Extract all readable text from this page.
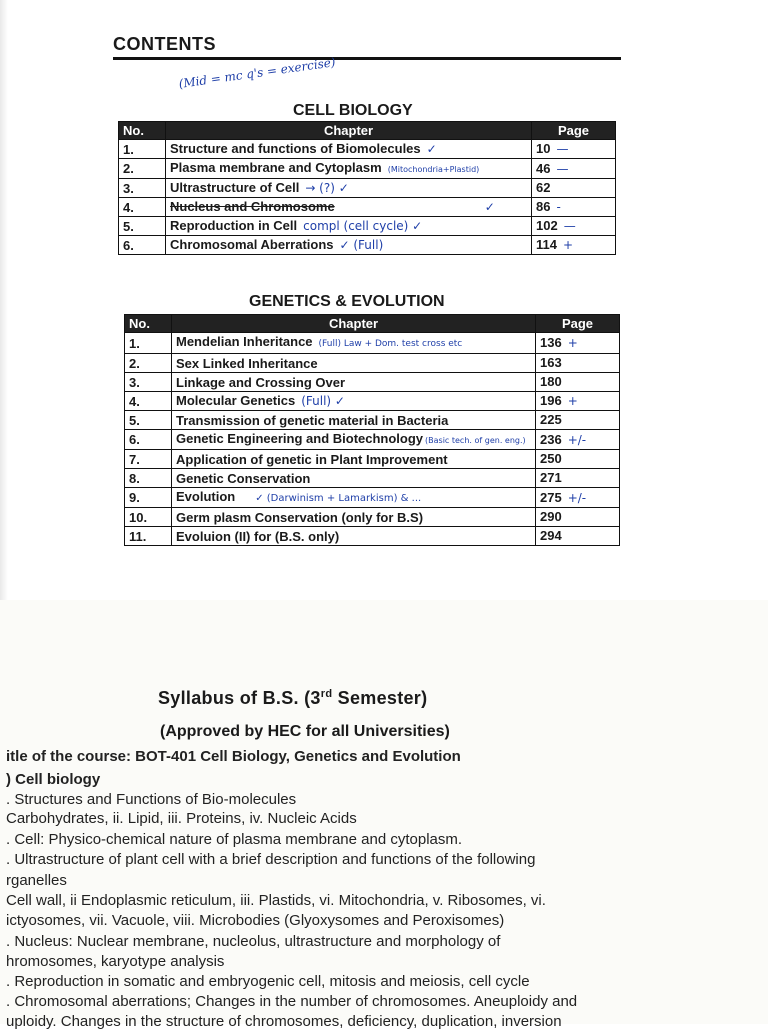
CONTENTS
(Mid = mc q's = exercise)
CELL BIOLOGY
No.	Chapter	Page
1.	Structure and functions of Biomolecules ✓	10 —
2.	Plasma membrane and Cytoplasm (Mitochondria+Plastid)	46 —
3.	Ultrastructure of Cell → (?) ✓	62
4.	Nucleus and Chromosome ✓	86 -
5.	Reproduction in Cell compl (cell cycle) ✓	102 —
6.	Chromosomal Aberrations ✓ (Full)	114 +
GENETICS & EVOLUTION
No.	Chapter	Page
1.	Mendelian Inheritance (Full) Law + Dom. test cross etc	136 +
2.	Sex Linked Inheritance	163
3.	Linkage and Crossing Over	180
4.	Molecular Genetics (Full) ✓	196 +
5.	Transmission of genetic material in Bacteria	225
6.	Genetic Engineering and Biotechnology (Basic tech. of gen. eng.)	236 +/-
7.	Application of genetic in Plant Improvement	250
8.	Genetic Conservation	271
9.	Evolution ✓ (Darwinism + Lamarkism) & ...	275 +/-
10.	Germ plasm Conservation (only for B.S)	290
11.	Evoluion (II) for (B.S. only)	294
Syllabus of B.S. (3rd Semester)
(Approved by HEC for all Universities)
itle of the course: BOT-401 Cell Biology, Genetics and Evolution
) Cell biology
. Structures and Functions of Bio-molecules
Carbohydrates, ii. Lipid, iii. Proteins, iv. Nucleic Acids
. Cell: Physico-chemical nature of plasma membrane and cytoplasm.
. Ultrastructure of plant cell with a brief description and functions of the following
rganelles
Cell wall, ii Endoplasmic reticulum, iii. Plastids, vi. Mitochondria, v. Ribosomes, vi.
ictyosomes, vii. Vacuole, viii. Microbodies (Glyoxysomes and Peroxisomes)
. Nucleus: Nuclear membrane, nucleolus, ultrastructure and morphology of
hromosomes, karyotype analysis
. Reproduction in somatic and embryogenic cell, mitosis and meiosis, cell cycle
. Chromosomal aberrations; Changes in the number of chromosomes. Aneuploidy and
uploidy. Changes in the structure of chromosomes, deficiency, duplication, inversion
